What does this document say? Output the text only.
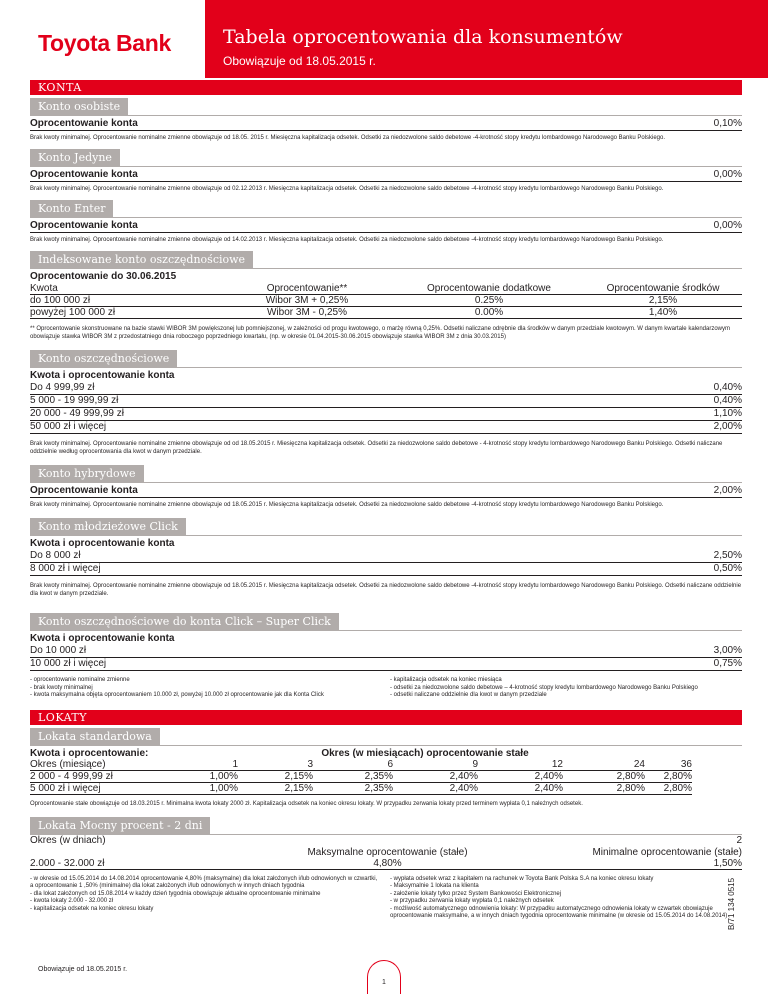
Toyota Bank	Tabela oprocentowania dla konsumentów
Obowiązuje od 18.05.2015 r.
KONTA
Konto osobiste
Oprocentowanie konta	0,10%
Brak kwoty minimalnej. Oprocentowanie nominalne zmienne obowiązuje od 18.05. 2015 r. Miesięczna kapitalizacja odsetek. Odsetki za niedozwolone saldo debetowe -4-krotność stopy kredytu lombardowego Narodowego Banku Polskiego.
Konto Jedyne
Oprocentowanie konta	0,00%
Brak kwoty minimalnej. Oprocentowanie nominalne zmienne obowiązuje od 02.12.2013 r. Miesięczna kapitalizacja odsetek. Odsetki za niedozwolone saldo debetowe -4-krotność stopy kredytu lombardowego Narodowego Banku Polskiego.
Konto Enter
Oprocentowanie konta	0,00%
Brak kwoty minimalnej. Oprocentowanie nominalne zmienne obowiązuje od 14.02.2013 r. Miesięczna kapitalizacja odsetek. Odsetki za niedozwolone saldo debetowe -4-krotność stopy kredytu lombardowego Narodowego Banku Polskiego.
Indeksowane konto oszczędnościowe
Oprocentowanie do 30.06.2015
Kwota	Oprocentowanie**	Oprocentowanie dodatkowe	Oprocentowanie środków
do 100 000 zł	Wibor 3M + 0,25%	0.25%	2,15%
powyżej 100 000 zł	Wibor 3M - 0,25%	0.00%	1,40%
** Oprocentowanie skonstruowane na bazie stawki WIBOR 3M powiększonej lub pomniejszonej, w zależności od progu kwotowego, o marżę równą 0,25%. Odsetki naliczane odrębnie dla środków w danym przedziale kwotowym. W danym kwartale kalendarzowym obowiązuje stawka WIBOR 3M z przedostatniego dnia roboczego poprzedniego kwartału, (np. w okresie 01.04.2015-30.06.2015 obowiązuje stawka WIBOR 3M z dnia 30.03.2015)
Konto oszczędnościowe
Kwota i oprocentowanie konta
Do 4 999,99 zł	0,40%
5 000 - 19 999,99 zł	0,40%
20 000 - 49 999,99 zł	1,10%
50 000 zł i więcej	2,00%
Brak kwoty minimalnej. Oprocentowanie nominalne zmienne obowiązuje od od 18.05.2015 r. Miesięczna kapitalizacja odsetek. Odsetki za niedozwolone saldo debetowe - 4-krotność stopy kredytu lombardowego Narodowego Banku Polskiego. Odsetki naliczane oddzielnie według oprocentowania dla kwot w danym przedziale.
Konto hybrydowe
Oprocentowanie konta	2,00%
Brak kwoty minimalnej. Oprocentowanie nominalne zmienne obowiązuje od 18.05.2015 r. Miesięczna kapitalizacja odsetek. Odsetki za niedozwolone saldo debetowe -4-krotność stopy kredytu lombardowego Narodowego Banku Polskiego.
Konto młodzieżowe Click
Kwota i oprocentowanie konta
Do 8 000 zł	2,50%
8 000 zł i więcej	0,50%
Brak kwoty minimalnej. Oprocentowanie nominalne zmienne obowiązuje od 18.05.2015 r. Miesięczna kapitalizacja odsetek. Odsetki za niedozwolone saldo debetowe -4-krotność stopy kredytu lombardowego Narodowego Banku Polskiego. Odsetki naliczane oddzielnie dla kwot w danym przedziale.
Konto oszczędnościowe do konta Click – Super Click
Kwota i oprocentowanie konta
Do 10 000 zł	3,00%
10 000 zł i więcej	0,75%
- oprocentowanie nominalne zmienne
- brak kwoty minimalnej
- kwota maksymalna objęta oprocentowaniem 10.000 zł, powyżej 10.000 zł oprocentowanie jak dla Konta Click
- kapitalizacja odsetek na koniec miesiąca
- odsetki za niedozwolone saldo debetowe – 4-krotność stopy kredytu lombardowego Narodowego Banku Polskiego
- odsetki naliczane oddzielnie dla kwot w danym przedziale
LOKATY
Lokata standardowa
Kwota i oprocentowanie:	Okres (w miesiącach) oprocentowanie stałe
Okres (miesiące)	1	3	6	9	12	24	36
2 000 - 4 999,99 zł	1,00%	2,15%	2,35%	2,40%	2,40%	2,80%	2,80%
5 000 zł i więcej	1,00%	2,15%	2,35%	2,40%	2,40%	2,80%	2,80%
Oprocentowanie stałe obowiązuje od 18.03.2015 r. Minimalna kwota lokaty 2000 zł. Kapitalizacja odsetek na koniec okresu lokaty. W przypadku zerwania lokaty przed terminem wypłata 0,1 należnych odsetek.
Lokata Mocny procent - 2 dni
Okres (w dniach)	2
Maksymalne oprocentowanie (stałe)	Minimalne oprocentowanie (stałe)
2.000 - 32.000 zł	4,80%	1,50%
- w okresie od 15.05.2014 do 14.08.2014 oprocentowanie 4,80% (maksymalne) dla lokat założonych i/lub odnowionych w czwartki, a oprocentowanie 1 ,50% (minimalne) dla lokat założonych i/lub odnowionych w innych dniach tygodnia
- dla lokat założonych od 15.08.2014 w każdy dzień tygodnia obowiązuje aktualne oprocentowanie minimalne
- kwota lokaty 2.000 - 32.000 zł
- kapitalizacja odsetek na koniec okresu lokaty
- wypłata odsetek wraz z kapitałem na rachunek w Toyota Bank Polska S.A na koniec okresu lokaty
- Maksymalnie 1 lokata na klienta
- założenie lokaty tylko przez System Bankowości Elektronicznej
- w przypadku zerwania lokaty wypłata 0,1 należnych odsetek
- możliwość automatycznego odnowienia lokaty: W przypadku automatycznego odnowienia lokaty w czwartek obowiązuje oprocentowanie maksymalne, a w innych dniach tygodnia oprocentowanie minimalne (w okresie od 15.05.2014 do 14.08.2014)
Obowiązuje od 18.05.2015 r.
1
B/71 134 0515
